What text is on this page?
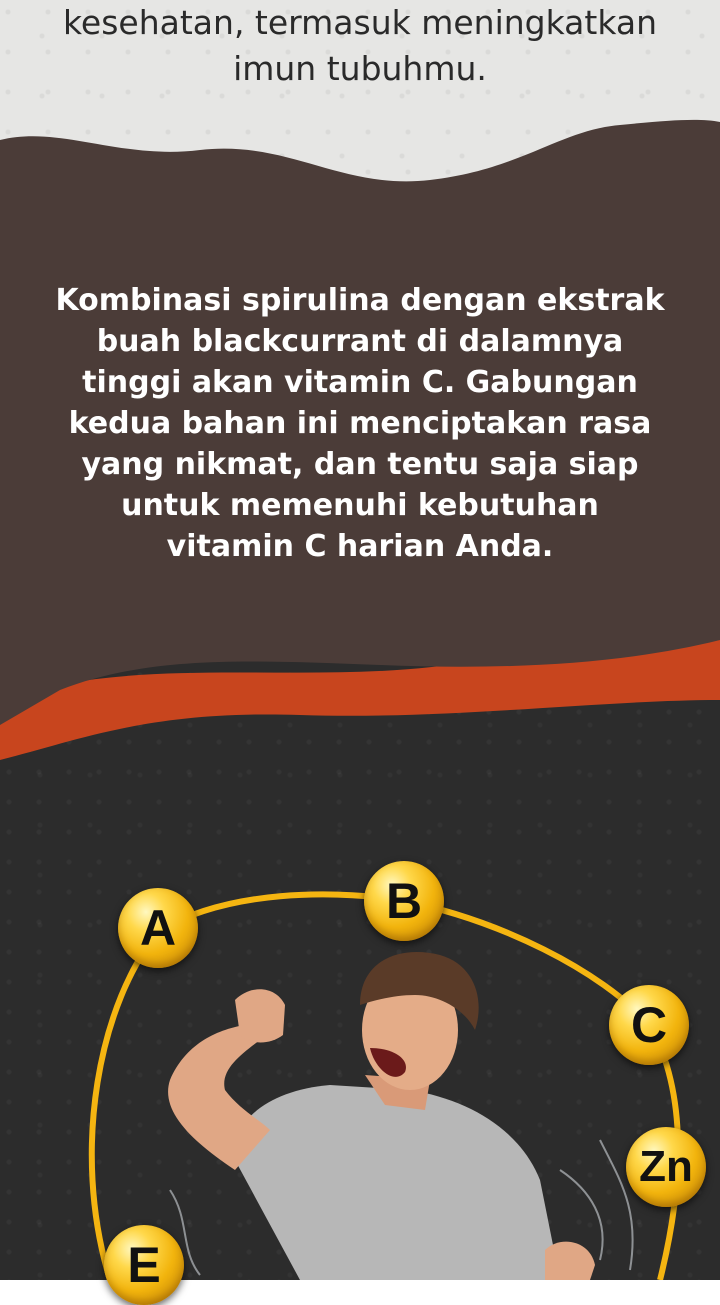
kesehatan, termasuk meningkatkan
imun tubuhmu.
Kombinasi spirulina dengan ekstrak
buah blackcurrant di dalamnya
tinggi akan vitamin C. Gabungan
kedua bahan ini menciptakan rasa
yang nikmat, dan tentu saja siap
untuk memenuhi kebutuhan
vitamin C harian Anda.
A	B
C
Zn
E
